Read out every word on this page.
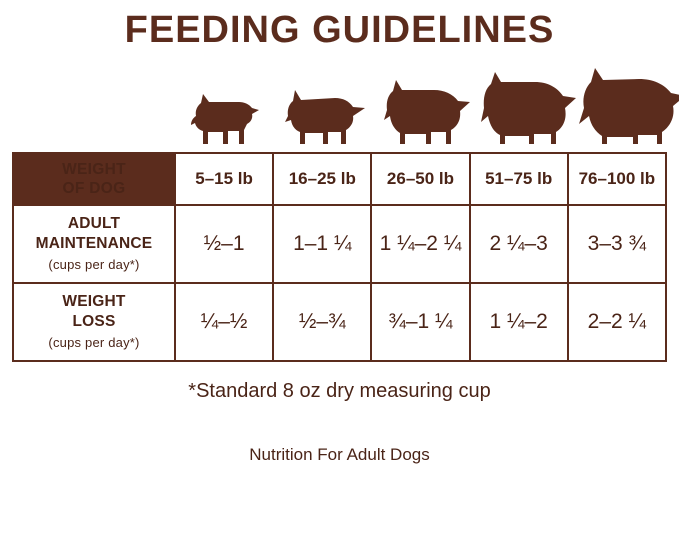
FEEDING GUIDELINES
WEIGHT
OF DOG	5–15 lb	16–25 lb	26–50 lb	51–75 lb	76–100 lb

ADULT
MAINTENANCE
(cups per day*)	½–1	1–1 ¼	1 ¼–2 ¼	2 ¼–3	3–3 ¾

WEIGHT
LOSS
(cups per day*)	¼–½	½–¾	¾–1 ¼	1 ¼–2	2–2 ¼
*Standard 8 oz dry measuring cup
Nutrition For Adult Dogs
